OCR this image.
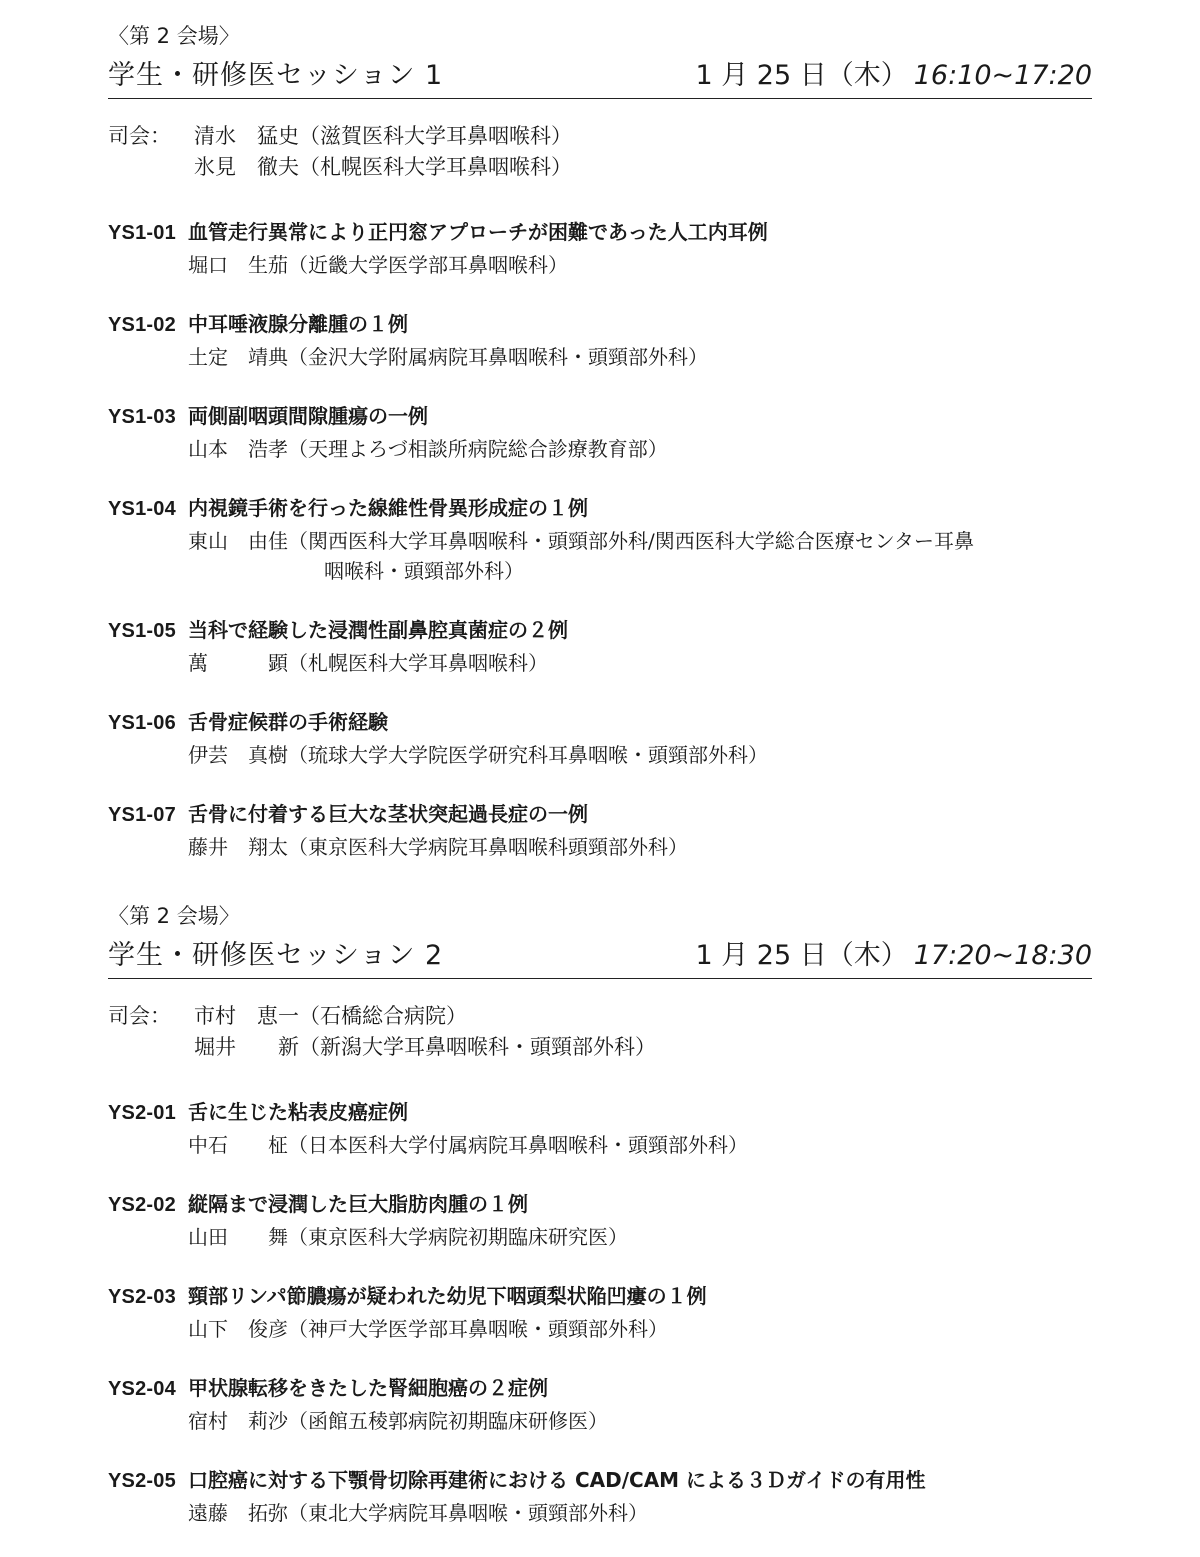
〈第 2 会場〉
学生・研修医セッション 1	1 月 25 日（木） 16:10~17:20
司会： 清水　猛史（滋賀医科大学耳鼻咽喉科）
氷見　徹夫（札幌医科大学耳鼻咽喉科）
YS1-01 血管走行異常により正円窓アプローチが困難であった人工内耳例
堀口　生茄（近畿大学医学部耳鼻咽喉科）
YS1-02 中耳唾液腺分離腫の１例
土定　靖典（金沢大学附属病院耳鼻咽喉科・頭頸部外科）
YS1-03 両側副咽頭間隙腫瘍の一例
山本　浩孝（天理よろづ相談所病院総合診療教育部）
YS1-04 内視鏡手術を行った線維性骨異形成症の１例
東山　由佳（関西医科大学耳鼻咽喉科・頭頸部外科/関西医科大学総合医療センター耳鼻
咽喉科・頭頸部外科）
YS1-05 当科で経験した浸潤性副鼻腔真菌症の２例
萬　　　顕（札幌医科大学耳鼻咽喉科）
YS1-06 舌骨症候群の手術経験
伊芸　真樹（琉球大学大学院医学研究科耳鼻咽喉・頭頸部外科）
YS1-07 舌骨に付着する巨大な茎状突起過長症の一例
藤井　翔太（東京医科大学病院耳鼻咽喉科頭頸部外科）
〈第 2 会場〉
学生・研修医セッション 2	1 月 25 日（木） 17:20~18:30
司会： 市村　恵一（石橋総合病院）
堀井　　新（新潟大学耳鼻咽喉科・頭頸部外科）
YS2-01 舌に生じた粘表皮癌症例
中石　　柾（日本医科大学付属病院耳鼻咽喉科・頭頸部外科）
YS2-02 縦隔まで浸潤した巨大脂肪肉腫の１例
山田　　舞（東京医科大学病院初期臨床研究医）
YS2-03 頸部リンパ節膿瘍が疑われた幼児下咽頭梨状陥凹瘻の１例
山下　俊彦（神戸大学医学部耳鼻咽喉・頭頸部外科）
YS2-04 甲状腺転移をきたした腎細胞癌の２症例
宿村　莉沙（函館五稜郭病院初期臨床研修医）
YS2-05 口腔癌に対する下顎骨切除再建術における CAD/CAM による３Ｄガイドの有用性
遠藤　拓弥（東北大学病院耳鼻咽喉・頭頸部外科）
